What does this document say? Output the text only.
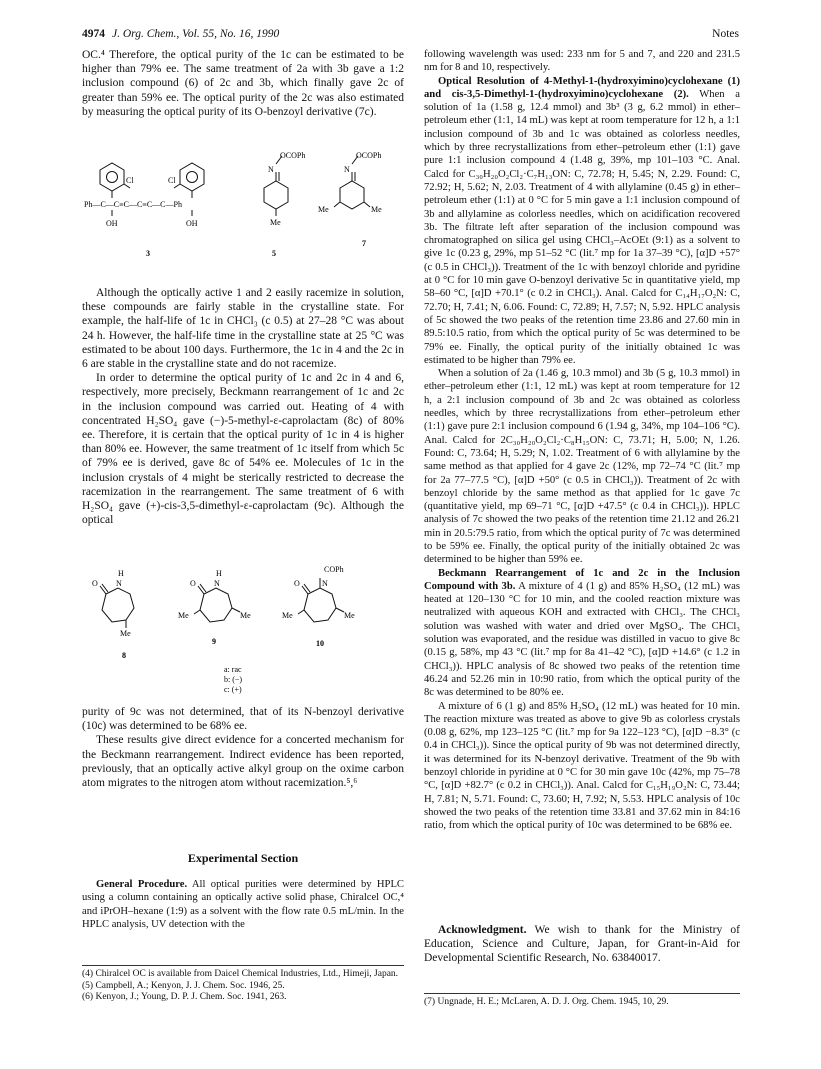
4974 J. Org. Chem., Vol. 55, No. 16, 1990	Notes

OC.⁴ Therefore, the optical purity of the 1c can be estimated to be higher than 79% ee. The same treatment of 2a with 3b gave a 1:2 inclusion compound (6) of 2c and 3b, which finally gave 2c of greater than 59% ee. The optical purity of the 2c was also estimated by measuring the optical purity of its O-benzoyl derivative (7c).

Cl	Cl
Ph—C—C≡C—C≡C—C—Ph
OH	OH
3
OCOPh
N
Me
5
OCOPh
N
Me	Me
7

Although the optically active 1 and 2 easily racemize in solution, these compounds are fairly stable in the crystalline state. For example, the half-life of 1c in CHCl₃ (c 0.5) at 27–28 °C was about 24 h. However, the half-life time in the crystalline state at 25 °C was estimated to be about 100 days. Furthermore, the 1c in 4 and the 2c in 6 are stable in the crystalline state and do not racemize.

In order to determine the optical purity of 1c and 2c in 4 and 6, respectively, more precisely, Beckmann rearrangement of 1c and 2c in the inclusion compound was carried out. Heating of 4 with concentrated H₂SO₄ gave (−)-5-methyl-ε-caprolactam (8c) of 80% ee. Therefore, it is certain that the optical purity of 1c in 4 is higher than 80% ee. However, the same treatment of 1c itself from which 5c of 79% ee is derived, gave 8c of 54% ee. Molecules of 1c in the inclusion crystals of 4 might be sterically restricted to decrease the racemization in the rearrangement. The same treatment of 6 with H₂SO₄ gave (+)-cis-3,5-dimethyl-ε-caprolactam (9c). Although the optical

O
H
N
Me
8
O
H
N
Me	Me
9
O
COPh
N
Me	Me
10
a: rac
b: (−)
c: (+)

purity of 9c was not determined, that of its N-benzoyl derivative (10c) was determined to be 68% ee.

These results give direct evidence for a concerted mechanism for the Beckmann rearrangement. Indirect evidence has been reported, previously, that an optically active alkyl group on the oxime carbon atom migrates to the nitrogen atom without racemization.⁵,⁶

Experimental Section

General Procedure. All optical purities were determined by HPLC using a column containing an optically active solid phase, Chiralcel OC,⁴ and iPrOH–hexane (1:9) as a solvent with the flow rate 0.5 mL/min. In the HPLC analysis, UV detection with the

(4) Chiralcel OC is available from Daicel Chemical Industries, Ltd., Himeji, Japan.
(5) Campbell, A.; Kenyon, J. J. Chem. Soc. 1946, 25.
(6) Kenyon, J.; Young, D. P. J. Chem. Soc. 1941, 263.

following wavelength was used: 233 nm for 5 and 7, and 220 and 231.5 nm for 8 and 10, respectively.

Optical Resolution of 4-Methyl-1-(hydroxyimino)cyclohexane (1) and cis-3,5-Dimethyl-1-(hydroxyimino)cyclohexane (2). When a solution of 1a (1.58 g, 12.4 mmol) and 3b³ (3 g, 6.2 mmol) in ether–petroleum ether (1:1, 14 mL) was kept at room temperature for 12 h, a 1:1 inclusion compound of 3b and 1c was obtained as colorless needles, which by three recrystallizations from ether–petroleum ether (1:1) gave pure 1:1 inclusion compound 4 (1.48 g, 39%, mp 101–103 °C. Anal. Calcd for C₃₀H₂₀O₂Cl₂·C₇H₁₃ON: C, 72.78; H, 5.45; N, 2.29. Found: C, 72.92; H, 5.62; N, 2.03. Treatment of 4 with allylamine (0.45 g) in ether–petroleum ether (1:1) at 0 °C for 5 min gave a 1:1 inclusion compound of 3b and allylamine as colorless needles, which on acidification recovered 3b. The filtrate left after separation of the inclusion compound was chromatographed on silica gel using CHCl₃–AcOEt (9:1) as a solvent to give 1c (0.23 g, 29%, mp 51–52 °C (lit.⁷ mp for 1a 37–39 °C), [α]D +57° (c 0.5 in CHCl₃)). Treatment of the 1c with benzoyl chloride and pyridine at 0 °C for 10 min gave O-benzoyl derivative 5c in quantitative yield, mp 58–60 °C, [α]D +70.1° (c 0.2 in CHCl₃). Anal. Calcd for C₁₄H₁₇O₂N: C, 72.70; H, 7.41; N, 6.06. Found: C, 72.89; H, 7.57; N, 5.92. HPLC analysis of 5c showed the two peaks of the retention time 23.86 and 27.60 min in 89.5:10.5 ratio, from which the optical purity of 5c was determined to be 79% ee. Finally, the optical purity of the initially obtained 1c was estimated to be higher than 79% ee.

When a solution of 2a (1.46 g, 10.3 mmol) and 3b (5 g, 10.3 mmol) in ether–petroleum ether (1:1, 12 mL) was kept at room temperature for 12 h, a 2:1 inclusion compound of 3b and 2c was obtained as colorless needles, which by three recrystallizations from ether–petroleum ether (1:1) gave pure 2:1 inclusion compound 6 (1.94 g, 34%, mp 104–106 °C). Anal. Calcd for 2C₃₀H₂₀O₂Cl₂·C₈H₁₅ON: C, 73.71; H, 5.00; N, 1.26. Found: C, 73.64; H, 5.29; N, 1.02. Treatment of 6 with allylamine by the same method as that applied for 4 gave 2c (12%, mp 72–74 °C (lit.⁷ mp for 2a 77–77.5 °C), [α]D +50° (c 0.5 in CHCl₃)). Treatment of 2c with benzoyl chloride by the same method as that applied for 1c gave 7c (quantitative yield, mp 69–71 °C, [α]D +47.5° (c 0.4 in CHCl₃)). HPLC analysis of 7c showed the two peaks of the retention time 21.12 and 26.21 min in 20.5:79.5 ratio, from which the optical purity of 7c was determined to be 59% ee. Finally, the optical purity of the initially obtained 2c was determined to be higher than 59% ee.

Beckmann Rearrangement of 1c and 2c in the Inclusion Compound with 3b. A mixture of 4 (1 g) and 85% H₂SO₄ (12 mL) was heated at 120–130 °C for 10 min, and the cooled reaction mixture was neutralized with aqueous KOH and extracted with CHCl₃. The CHCl₃ solution was washed with water and dried over MgSO₄. The CHCl₃ solution was evaporated, and the residue was distilled in vacuo to give 8c (0.15 g, 58%, mp 43 °C (lit.⁷ mp for 8a 41–42 °C), [α]D +14.6° (c 1.2 in CHCl₃)). HPLC analysis of 8c showed two peaks of the retention time 46.24 and 52.26 min in 10:90 ratio, from which the optical purity of the 8c was determined to be 80% ee.

A mixture of 6 (1 g) and 85% H₂SO₄ (12 mL) was heated for 10 min. The reaction mixture was treated as above to give 9b as colorless crystals (0.08 g, 62%, mp 123–125 °C (lit.⁷ mp for 9a 122–123 °C), [α]D −8.3° (c 0.4 in CHCl₃)). Since the optical purity of 9b was not determined directly, it was determined for its N-benzoyl derivative. Treatment of the 9b with benzoyl chloride in pyridine at 0 °C for 30 min gave 10c (42%, mp 75–78 °C, [α]D +82.7° (c 0.2 in CHCl₃)). Anal. Calcd for C₁₅H₁₉O₂N: C, 73.44; H, 7.81; N, 5.71. Found: C, 73.60; H, 7.92; N, 5.53. HPLC analysis of 10c showed the two peaks of the retention time 33.81 and 37.62 min in 84:16 ratio, from which the optical purity of 10c was determined to be 68% ee.

Acknowledgment. We wish to thank for the Ministry of Education, Science and Culture, Japan, for Grant-in-Aid for Developmental Scientific Research, No. 63840017.

(7) Ungnade, H. E.; McLaren, A. D. J. Org. Chem. 1945, 10, 29.
